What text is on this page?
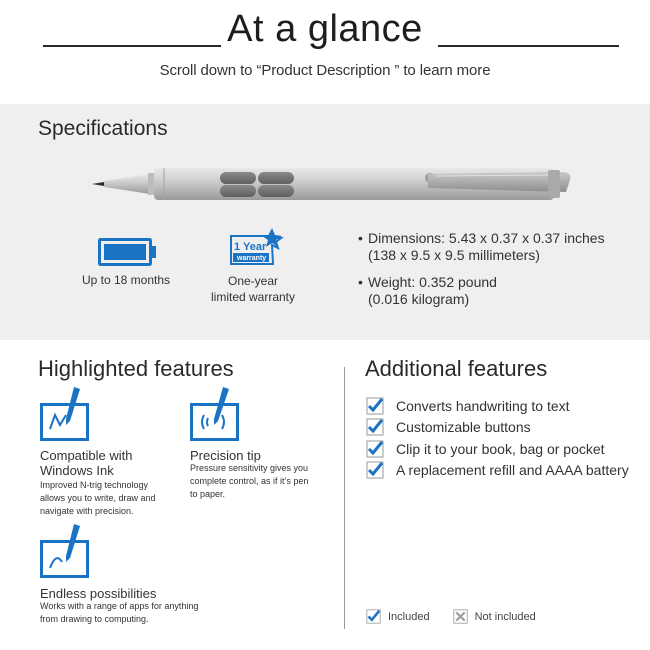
At a glance

Scroll down to “Product Description ” to learn more

Specifications

Up to 18 months

1 Year
warranty

One-year
limited warranty

• Dimensions: 5.43 x 0.37 x 0.37 inches
(138 x 9.5 x 9.5 millimeters)
• Weight: 0.352 pound
(0.016 kilogram)
Highlighted features

Compatible with
Windows Ink

Improved N-trig technology
allows you to write, draw and
navigate with precision.

Precision tip

Pressure sensitivity gives you
complete control, as if it’s pen
to paper.

Endless possibilities

Works with a range of apps for anything
from drawing to computing.

Additional features
Converts handwriting to text
Customizable buttons
Clip it to your book, bag or pocket
A replacement refill and AAAA battery
Included	Not included
